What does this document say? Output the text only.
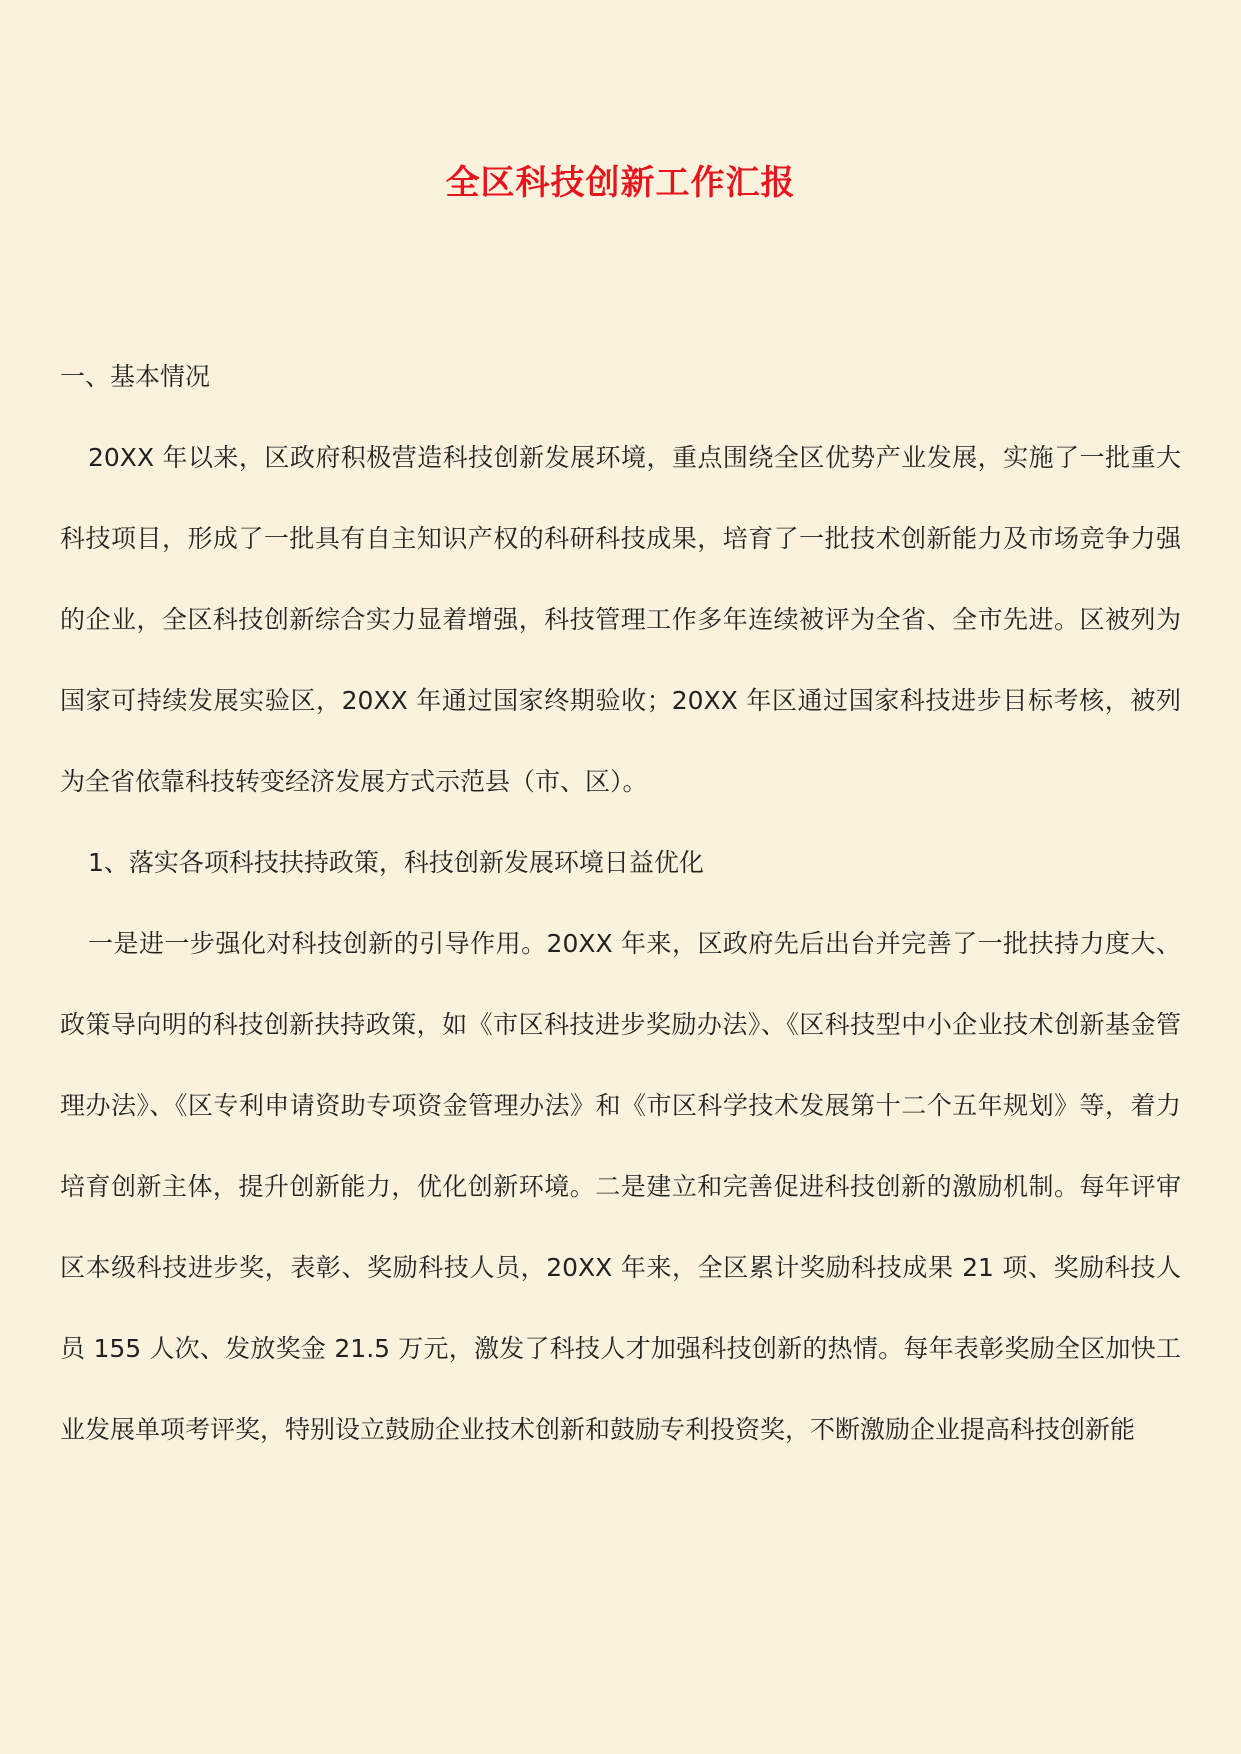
全区科技创新工作汇报

一、基本情况

20XX 年以来，区政府积极营造科技创新发展环境，重点围绕全区优势产业发展，实施了一批重大科技项目，形成了一批具有自主知识产权的科研科技成果，培育了一批技术创新能力及市场竞争力强的企业，全区科技创新综合实力显着增强，科技管理工作多年连续被评为全省、全市先进。区被列为国家可持续发展实验区，20XX 年通过国家终期验收；20XX 年区通过国家科技进步目标考核，被列为全省依靠科技转变经济发展方式示范县（市、区）。

1、落实各项科技扶持政策，科技创新发展环境日益优化

一是进一步强化对科技创新的引导作用。20XX 年来，区政府先后出台并完善了一批扶持力度大、政策导向明的科技创新扶持政策，如《市区科技进步奖励办法》、《区科技型中小企业技术创新基金管理办法》、《区专利申请资助专项资金管理办法》和《市区科学技术发展第十二个五年规划》等，着力培育创新主体，提升创新能力，优化创新环境。二是建立和完善促进科技创新的激励机制。每年评审区本级科技进步奖，表彰、奖励科技人员，20XX 年来，全区累计奖励科技成果 21 项、奖励科技人员 155 人次、发放奖金 21.5 万元，激发了科技人才加强科技创新的热情。每年表彰奖励全区加快工业发展单项考评奖，特别设立鼓励企业技术创新和鼓励专利投资奖，不断激励企业提高科技创新能
